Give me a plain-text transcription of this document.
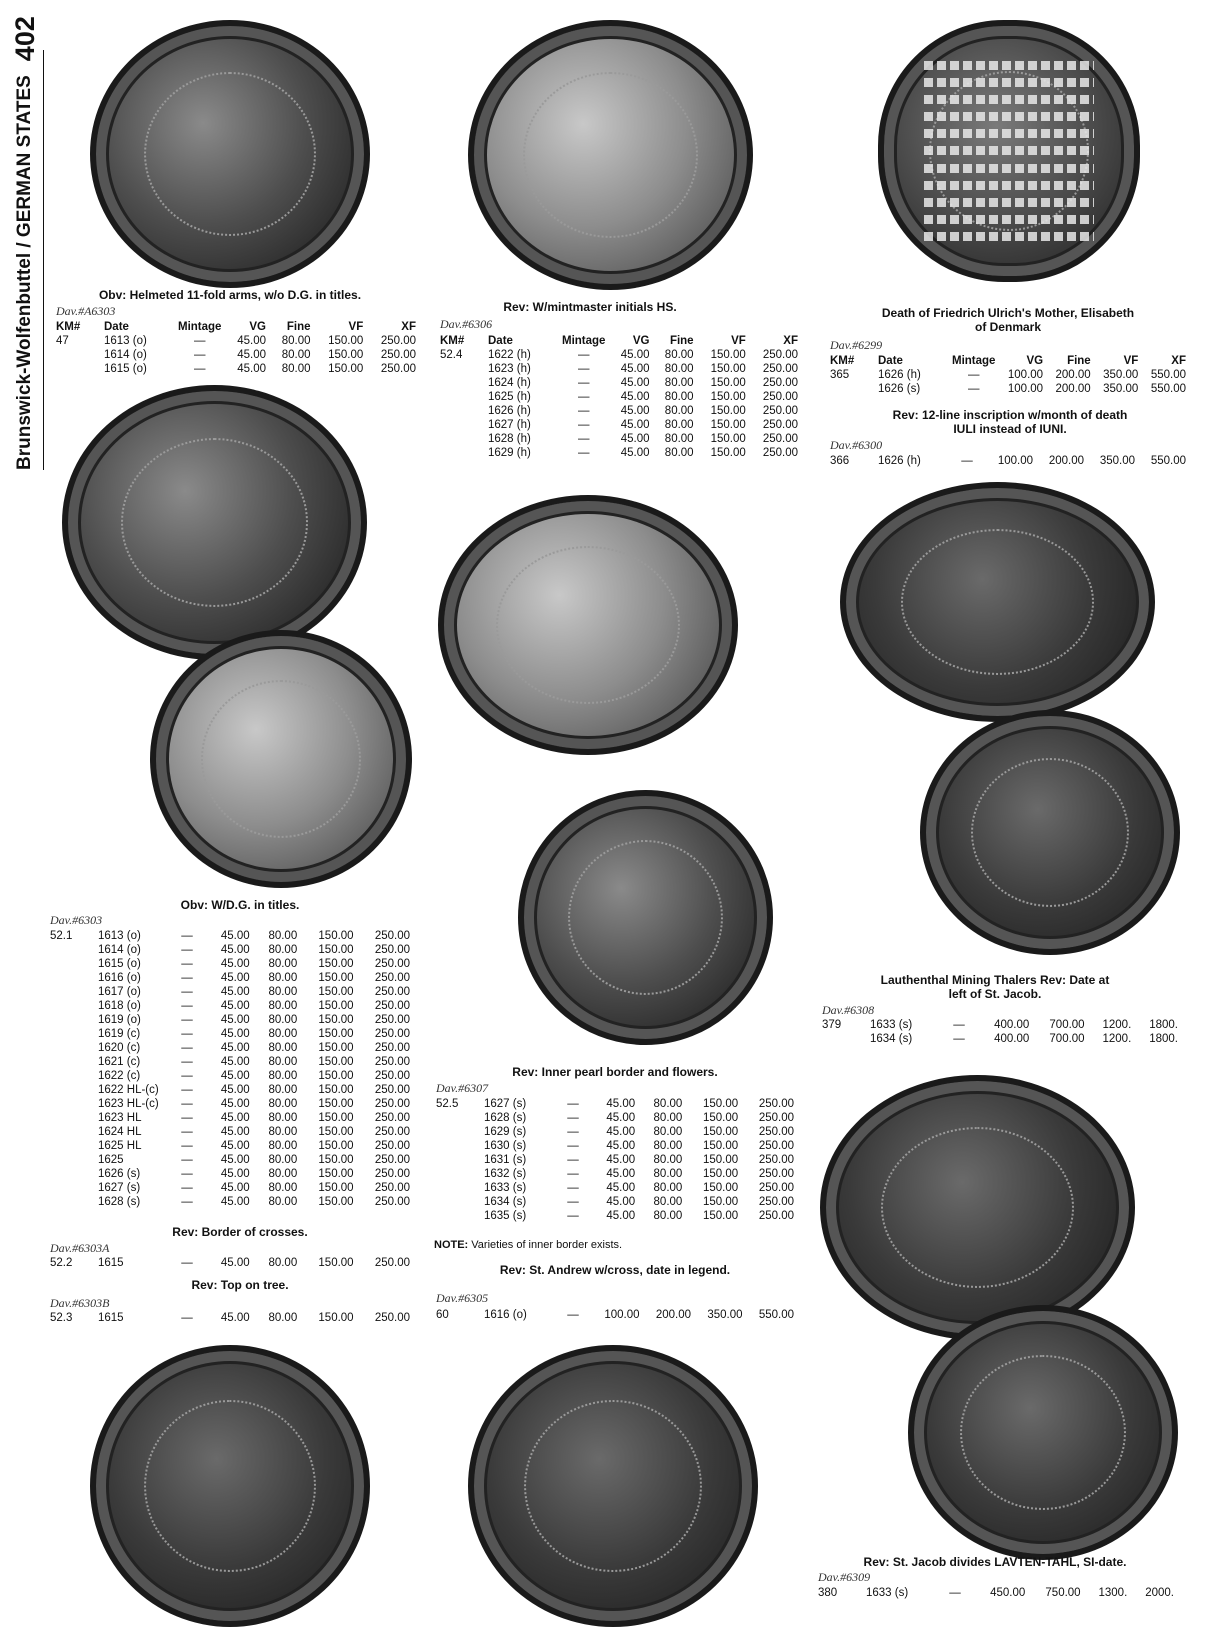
Brunswick-Wolfenbuttel / GERMAN STATES
402
Obv: Helmeted 11-fold arms, w/o D.G. in titles.
Dav.#A6303
KM#	Date	Mintage	VG	Fine	VF	XF
47	1613 (o)	—	45.00	80.00	150.00	250.00
	1614 (o)	—	45.00	80.00	150.00	250.00
	1615 (o)	—	45.00	80.00	150.00	250.00
Rev: W/mintmaster initials HS.
Dav.#6306
KM#	Date	Mintage	VG	Fine	VF	XF
52.4	1622 (h)	—	45.00	80.00	150.00	250.00
	1623 (h)	—	45.00	80.00	150.00	250.00
	1624 (h)	—	45.00	80.00	150.00	250.00
	1625 (h)	—	45.00	80.00	150.00	250.00
	1626 (h)	—	45.00	80.00	150.00	250.00
	1627 (h)	—	45.00	80.00	150.00	250.00
	1628 (h)	—	45.00	80.00	150.00	250.00
	1629 (h)	—	45.00	80.00	150.00	250.00
Death of Friedrich Ulrich's Mother, Elisabeth of Denmark
Dav.#6299
KM#	Date	Mintage	VG	Fine	VF	XF
365	1626 (h)	—	100.00	200.00	350.00	550.00
	1626 (s)	—	100.00	200.00	350.00	550.00
Rev: 12-line inscription w/month of death IULI instead of IUNI.
Dav.#6300
366	1626 (h)	—	100.00	200.00	350.00	550.00
Obv: W/D.G. in titles.
Dav.#6303
52.1	1613 (o)	—	45.00	80.00	150.00	250.00
	1614 (o)	—	45.00	80.00	150.00	250.00
	1615 (o)	—	45.00	80.00	150.00	250.00
	1616 (o)	—	45.00	80.00	150.00	250.00
	1617 (o)	—	45.00	80.00	150.00	250.00
	1618 (o)	—	45.00	80.00	150.00	250.00
	1619 (o)	—	45.00	80.00	150.00	250.00
	1619 (c)	—	45.00	80.00	150.00	250.00
	1620 (c)	—	45.00	80.00	150.00	250.00
	1621 (c)	—	45.00	80.00	150.00	250.00
	1622 (c)	—	45.00	80.00	150.00	250.00
	1622 HL-(c)	—	45.00	80.00	150.00	250.00
	1623 HL-(c)	—	45.00	80.00	150.00	250.00
	1623 HL	—	45.00	80.00	150.00	250.00
	1624 HL	—	45.00	80.00	150.00	250.00
	1625 HL	—	45.00	80.00	150.00	250.00
	1625	—	45.00	80.00	150.00	250.00
	1626 (s)	—	45.00	80.00	150.00	250.00
	1627 (s)	—	45.00	80.00	150.00	250.00
	1628 (s)	—	45.00	80.00	150.00	250.00
Rev: Border of crosses.
Dav.#6303A
52.2	1615	—	45.00	80.00	150.00	250.00
Rev: Top on tree.
Dav.#6303B
52.3	1615	—	45.00	80.00	150.00	250.00
Rev: Inner pearl border and flowers.
Dav.#6307
52.5	1627 (s)	—	45.00	80.00	150.00	250.00
	1628 (s)	—	45.00	80.00	150.00	250.00
	1629 (s)	—	45.00	80.00	150.00	250.00
	1630 (s)	—	45.00	80.00	150.00	250.00
	1631 (s)	—	45.00	80.00	150.00	250.00
	1632 (s)	—	45.00	80.00	150.00	250.00
	1633 (s)	—	45.00	80.00	150.00	250.00
	1634 (s)	—	45.00	80.00	150.00	250.00
	1635 (s)	—	45.00	80.00	150.00	250.00
NOTE: Varieties of inner border exists.
Rev: St. Andrew w/cross, date in legend.
Dav.#6305
60	1616 (o)	—	100.00	200.00	350.00	550.00
Lauthenthal Mining Thalers Rev: Date at left of St. Jacob.
Dav.#6308
379	1633 (s)	—	400.00	700.00	1200.	1800.
	1634 (s)	—	400.00	700.00	1200.	1800.
Rev: St. Jacob divides LAVTEN-TAHL, SI-date.
Dav.#6309
380	1633 (s)	—	450.00	750.00	1300.	2000.
